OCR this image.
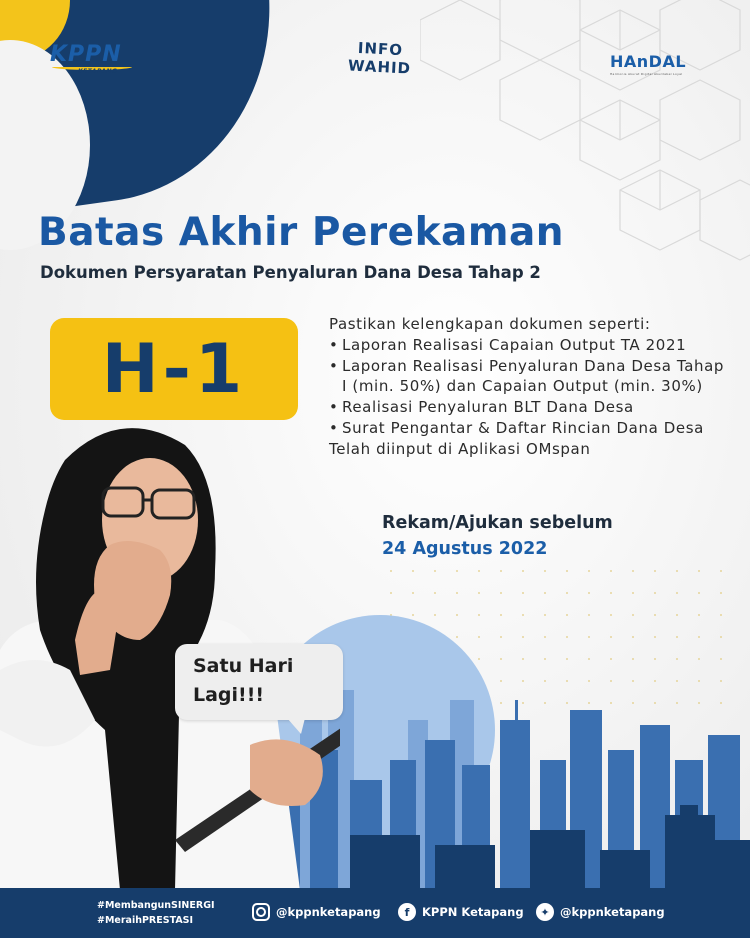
KPPN
KETAPANG
INFO
WAHID	HAnDAL
Harmonis Akurat Digital Akuntabel Loyal
Batas Akhir Perekaman
Dokumen Persyaratan Penyaluran Dana Desa Tahap 2
H-1
Pastikan kelengkapan dokumen seperti:
• Laporan Realisasi Capaian Output TA 2021
• Laporan Realisasi Penyaluran Dana Desa Tahap I (min. 50%) dan Capaian Output (min. 30%)
• Realisasi Penyaluran BLT Dana Desa
• Surat Pengantar & Daftar Rincian Dana Desa
Telah diinput di Aplikasi OMspan
Rekam/Ajukan sebelum
24 Agustus 2022
Satu Hari
Lagi!!!
#MembangunSINERGI
#MeraihPRESTASI
@kppnketapang	f	KPPN Ketapang	✦ @kppnketapang
